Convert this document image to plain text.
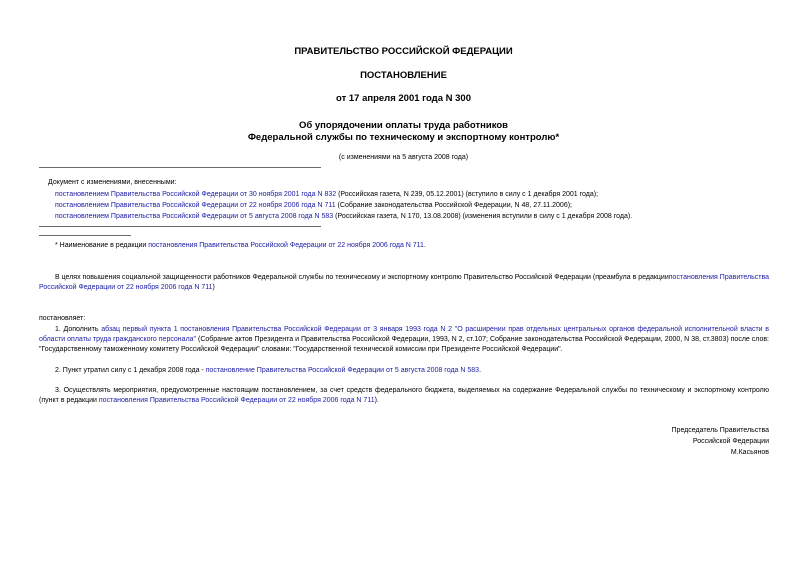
ПРАВИТЕЛЬСТВО РОССИЙСКОЙ ФЕДЕРАЦИИ
ПОСТАНОВЛЕНИЕ
от 17 апреля 2001 года N 300
Об упорядочении оплаты труда работников
Федеральной службы по техническому и экспортному контролю*
(с изменениями на 5 августа 2008 года)
Документ с изменениями, внесенными:
постановлением Правительства Российской Федерации от 30 ноября 2001 года N 832 (Российская газета, N 239, 05.12.2001) (вступило в силу с 1 декабря 2001 года);
постановлением Правительства Российской Федерации от 22 ноября 2006 года N 711 (Собрание законодательства Российской Федерации, N 48, 27.11.2006);
постановлением Правительства Российской Федерации от 5 августа 2008 года N 583 (Российская газета, N 170, 13.08.2008) (изменения вступили в силу с 1 декабря 2008 года).
* Наименование в редакции постановления Правительства Российской Федерации от 22 ноября 2006 года N 711.
В целях повышения социальной защищенности работников Федеральной службы по техническому и экспортному контролю Правительство Российской Федерации (преамбула в редакциипостановления Правительства Российской Федерации от 22 ноября 2006 года N 711)
постановляет:
1. Дополнить абзац первый пункта 1 постановления Правительства Российской Федерации от 3 января 1993 года N 2 "О расширении прав отдельных центральных органов федеральной исполнительной власти в области оплаты труда гражданского персонала" (Собрание актов Президента и Правительства Российской Федерации, 1993, N 2, ст.107; Собрание законодательства Российской Федерации, 2000, N 38, ст.3803) после слов: "Государственному таможенному комитету Российской Федерации" словами: "Государственной технической комиссии при Президенте Российской Федерации".
2. Пункт утратил силу с 1 декабря 2008 года - постановление Правительства Российской Федерации от 5 августа 2008 года N 583.
3. Осуществлять мероприятия, предусмотренные настоящим постановлением, за счет средств федерального бюджета, выделяемых на содержание Федеральной службы по техническому и экспортному контролю (пункт в редакции постановления Правительства Российской Федерации от 22 ноября 2006 года N 711).
Председатель Правительства
Российской Федерации
М.Касьянов
